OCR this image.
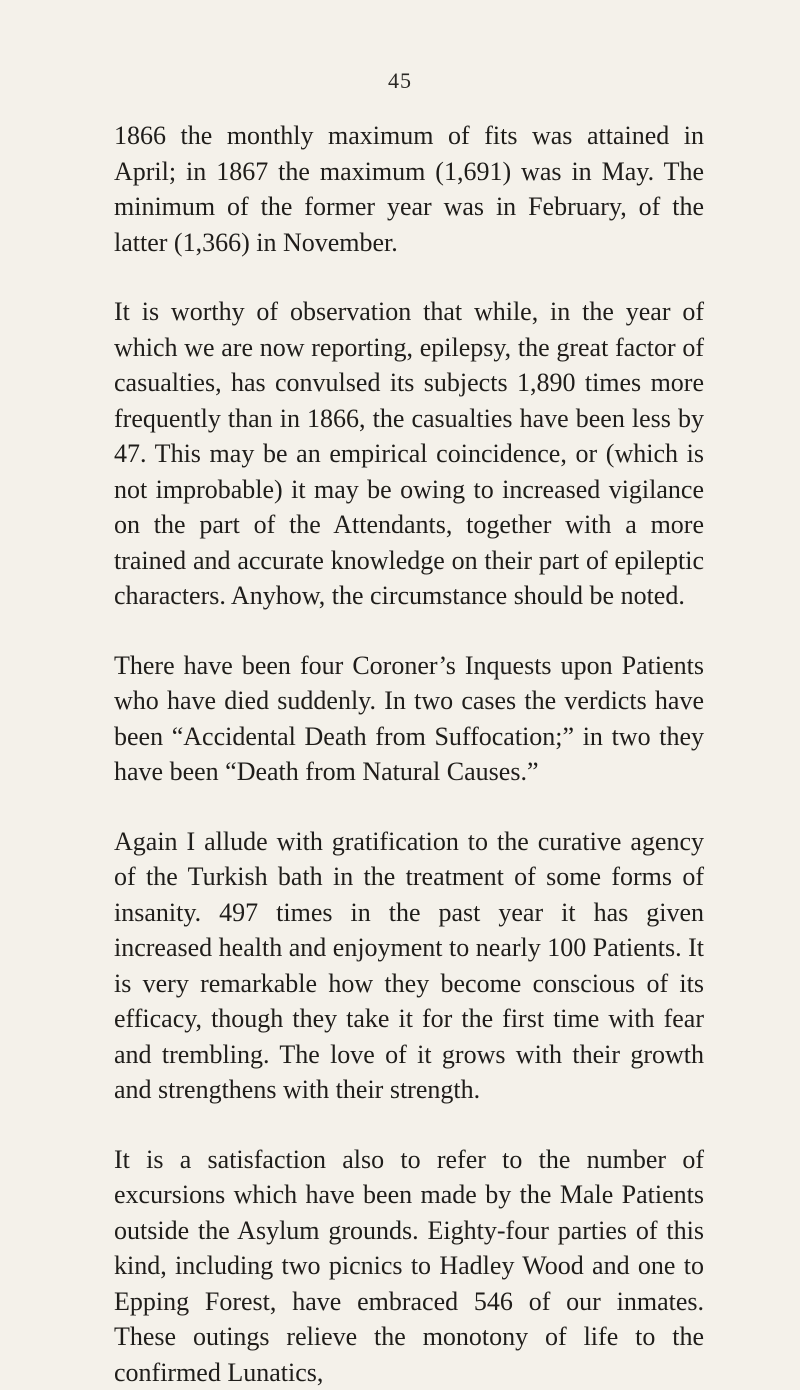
45

1866 the monthly maximum of fits was attained in April; in 1867 the maximum (1,691) was in May. The minimum of the former year was in February, of the latter (1,366) in November.

It is worthy of observation that while, in the year of which we are now reporting, epilepsy, the great factor of casualties, has convulsed its subjects 1,890 times more frequently than in 1866, the casualties have been less by 47. This may be an empirical coincidence, or (which is not improbable) it may be owing to increased vigilance on the part of the Attendants, together with a more trained and accurate knowledge on their part of epileptic characters. Anyhow, the circumstance should be noted.

There have been four Coroner’s Inquests upon Patients who have died suddenly. In two cases the verdicts have been “Accidental Death from Suffocation;” in two they have been “Death from Natural Causes.”

Again I allude with gratification to the curative agency of the Turkish bath in the treatment of some forms of insanity. 497 times in the past year it has given increased health and enjoyment to nearly 100 Patients. It is very remarkable how they become conscious of its efficacy, though they take it for the first time with fear and trembling. The love of it grows with their growth and strengthens with their strength.

It is a satisfaction also to refer to the number of excursions which have been made by the Male Patients outside the Asylum grounds. Eighty-four parties of this kind, including two picnics to Hadley Wood and one to Epping Forest, have embraced 546 of our inmates. These outings relieve the monotony of life to the confirmed Lunatics,
